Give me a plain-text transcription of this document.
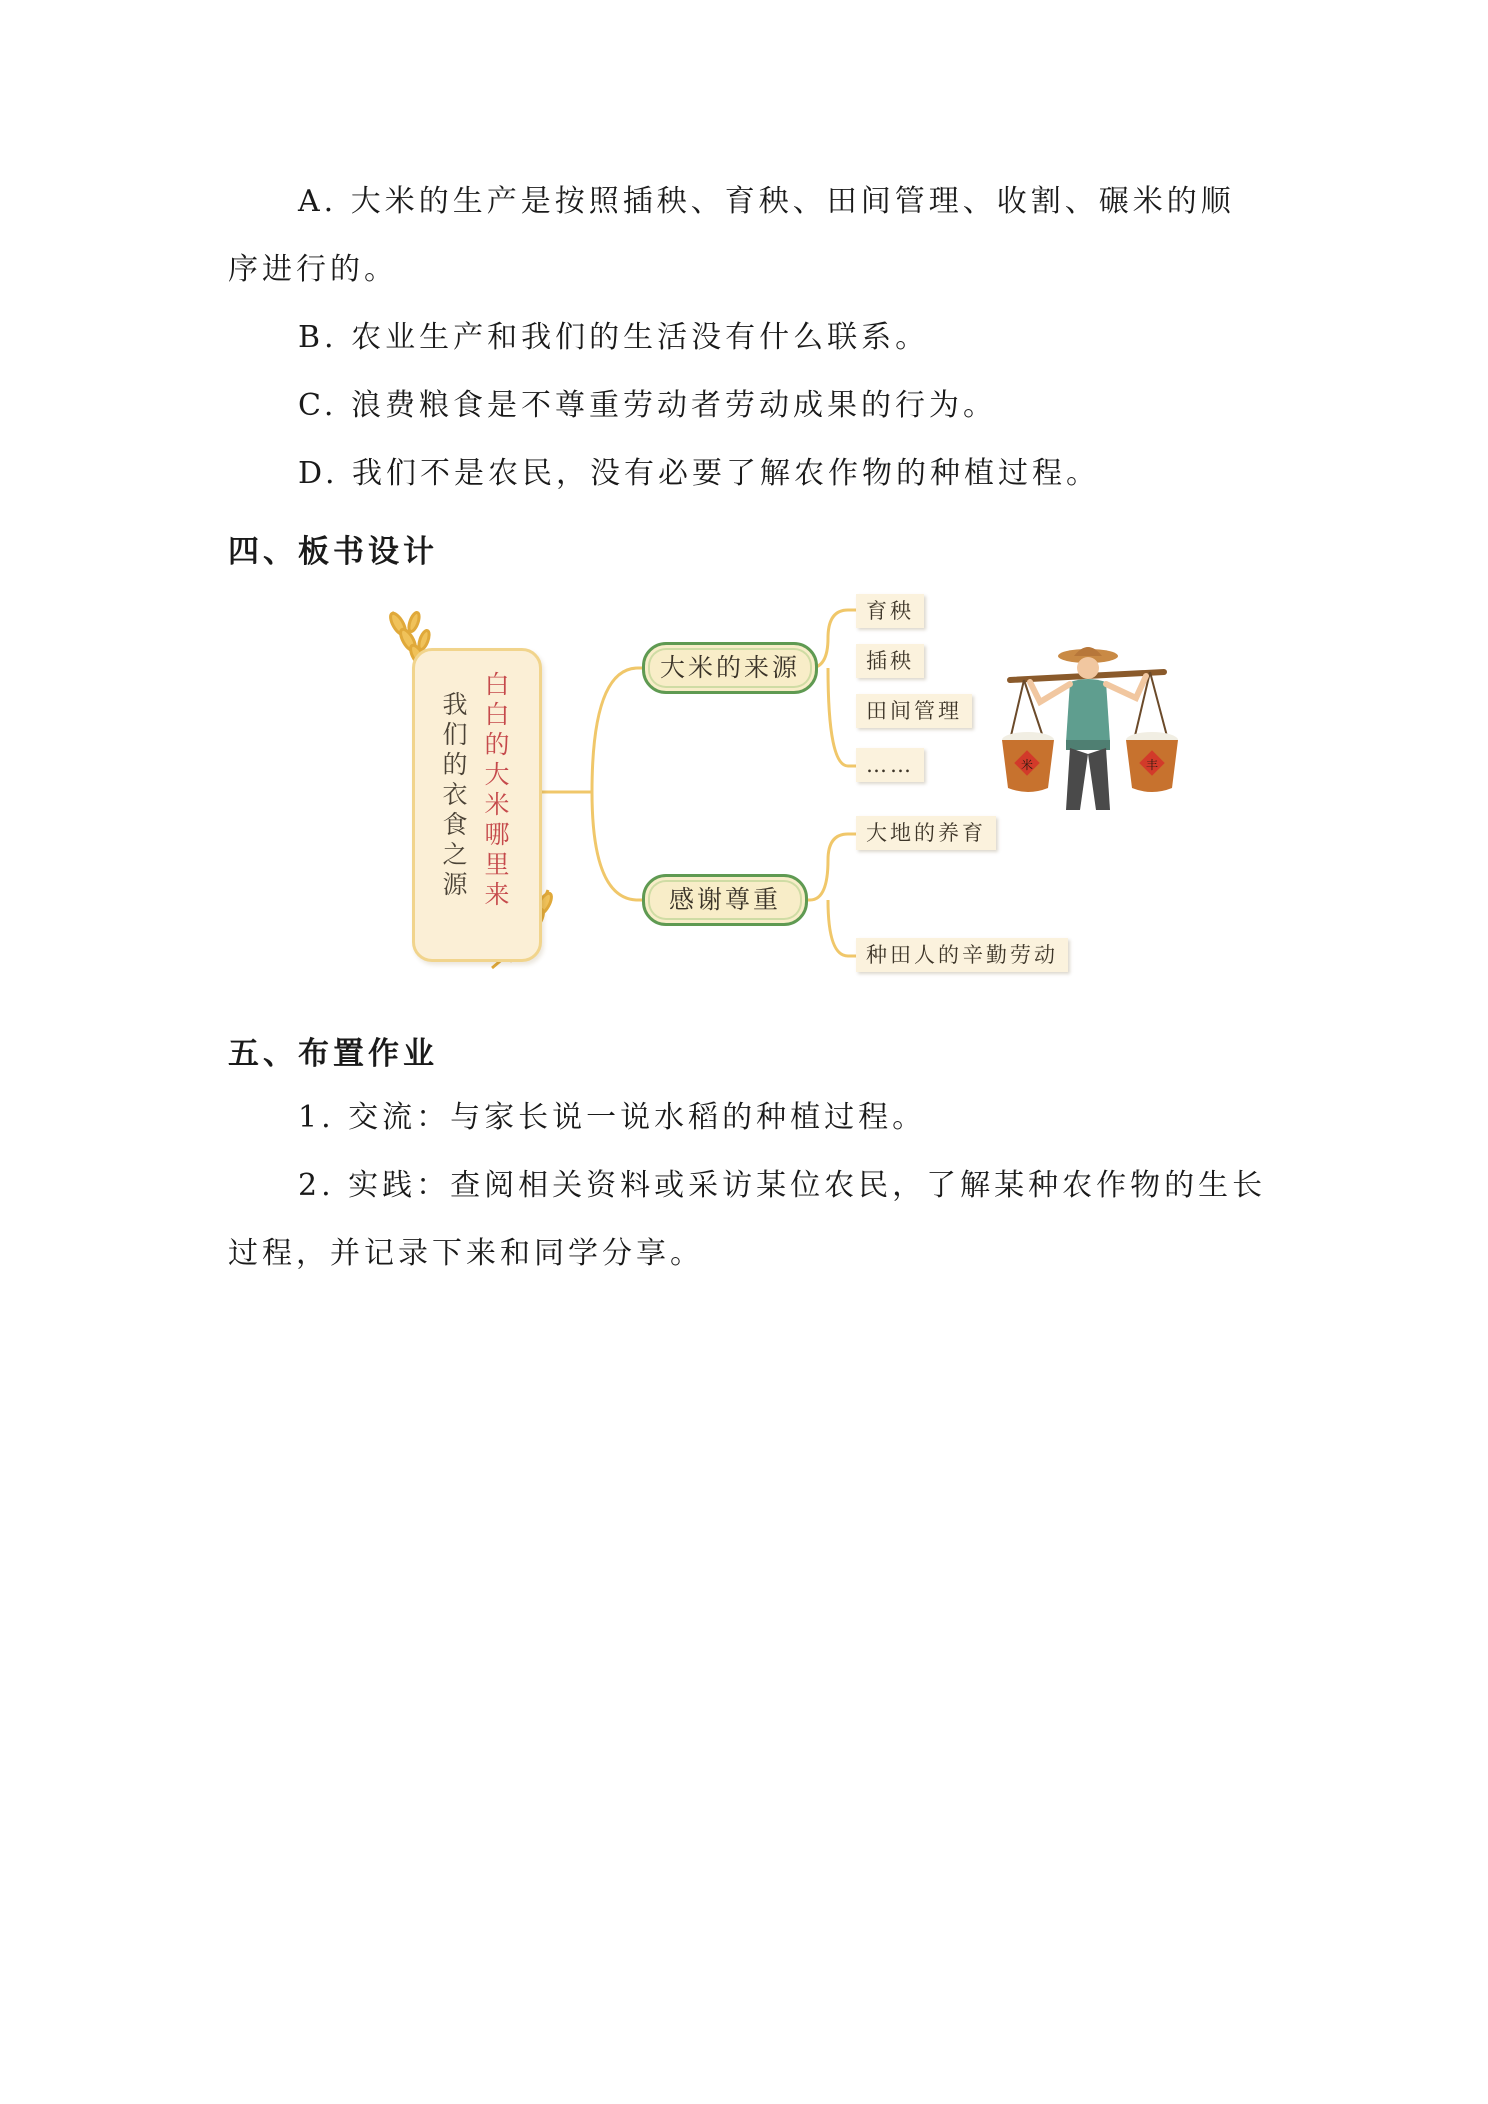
A. 大米的生产是按照插秧、育秧、田间管理、收割、碾米的顺序进行的。

B. 农业生产和我们的生活没有什么联系。

C. 浪费粮食是不尊重劳动者劳动成果的行为。

D. 我们不是农民，没有必要了解农作物的种植过程。

四、板书设计
米	丰
白白的大米哪里来
我们的衣食之源
大米的来源
感谢尊重
育秧
插秧
田间管理
……
大地的养育
种田人的辛勤劳动
五、布置作业

1. 交流：与家长说一说水稻的种植过程。

2. 实践：查阅相关资料或采访某位农民，了解某种农作物的生长过程，并记录下来和同学分享。
